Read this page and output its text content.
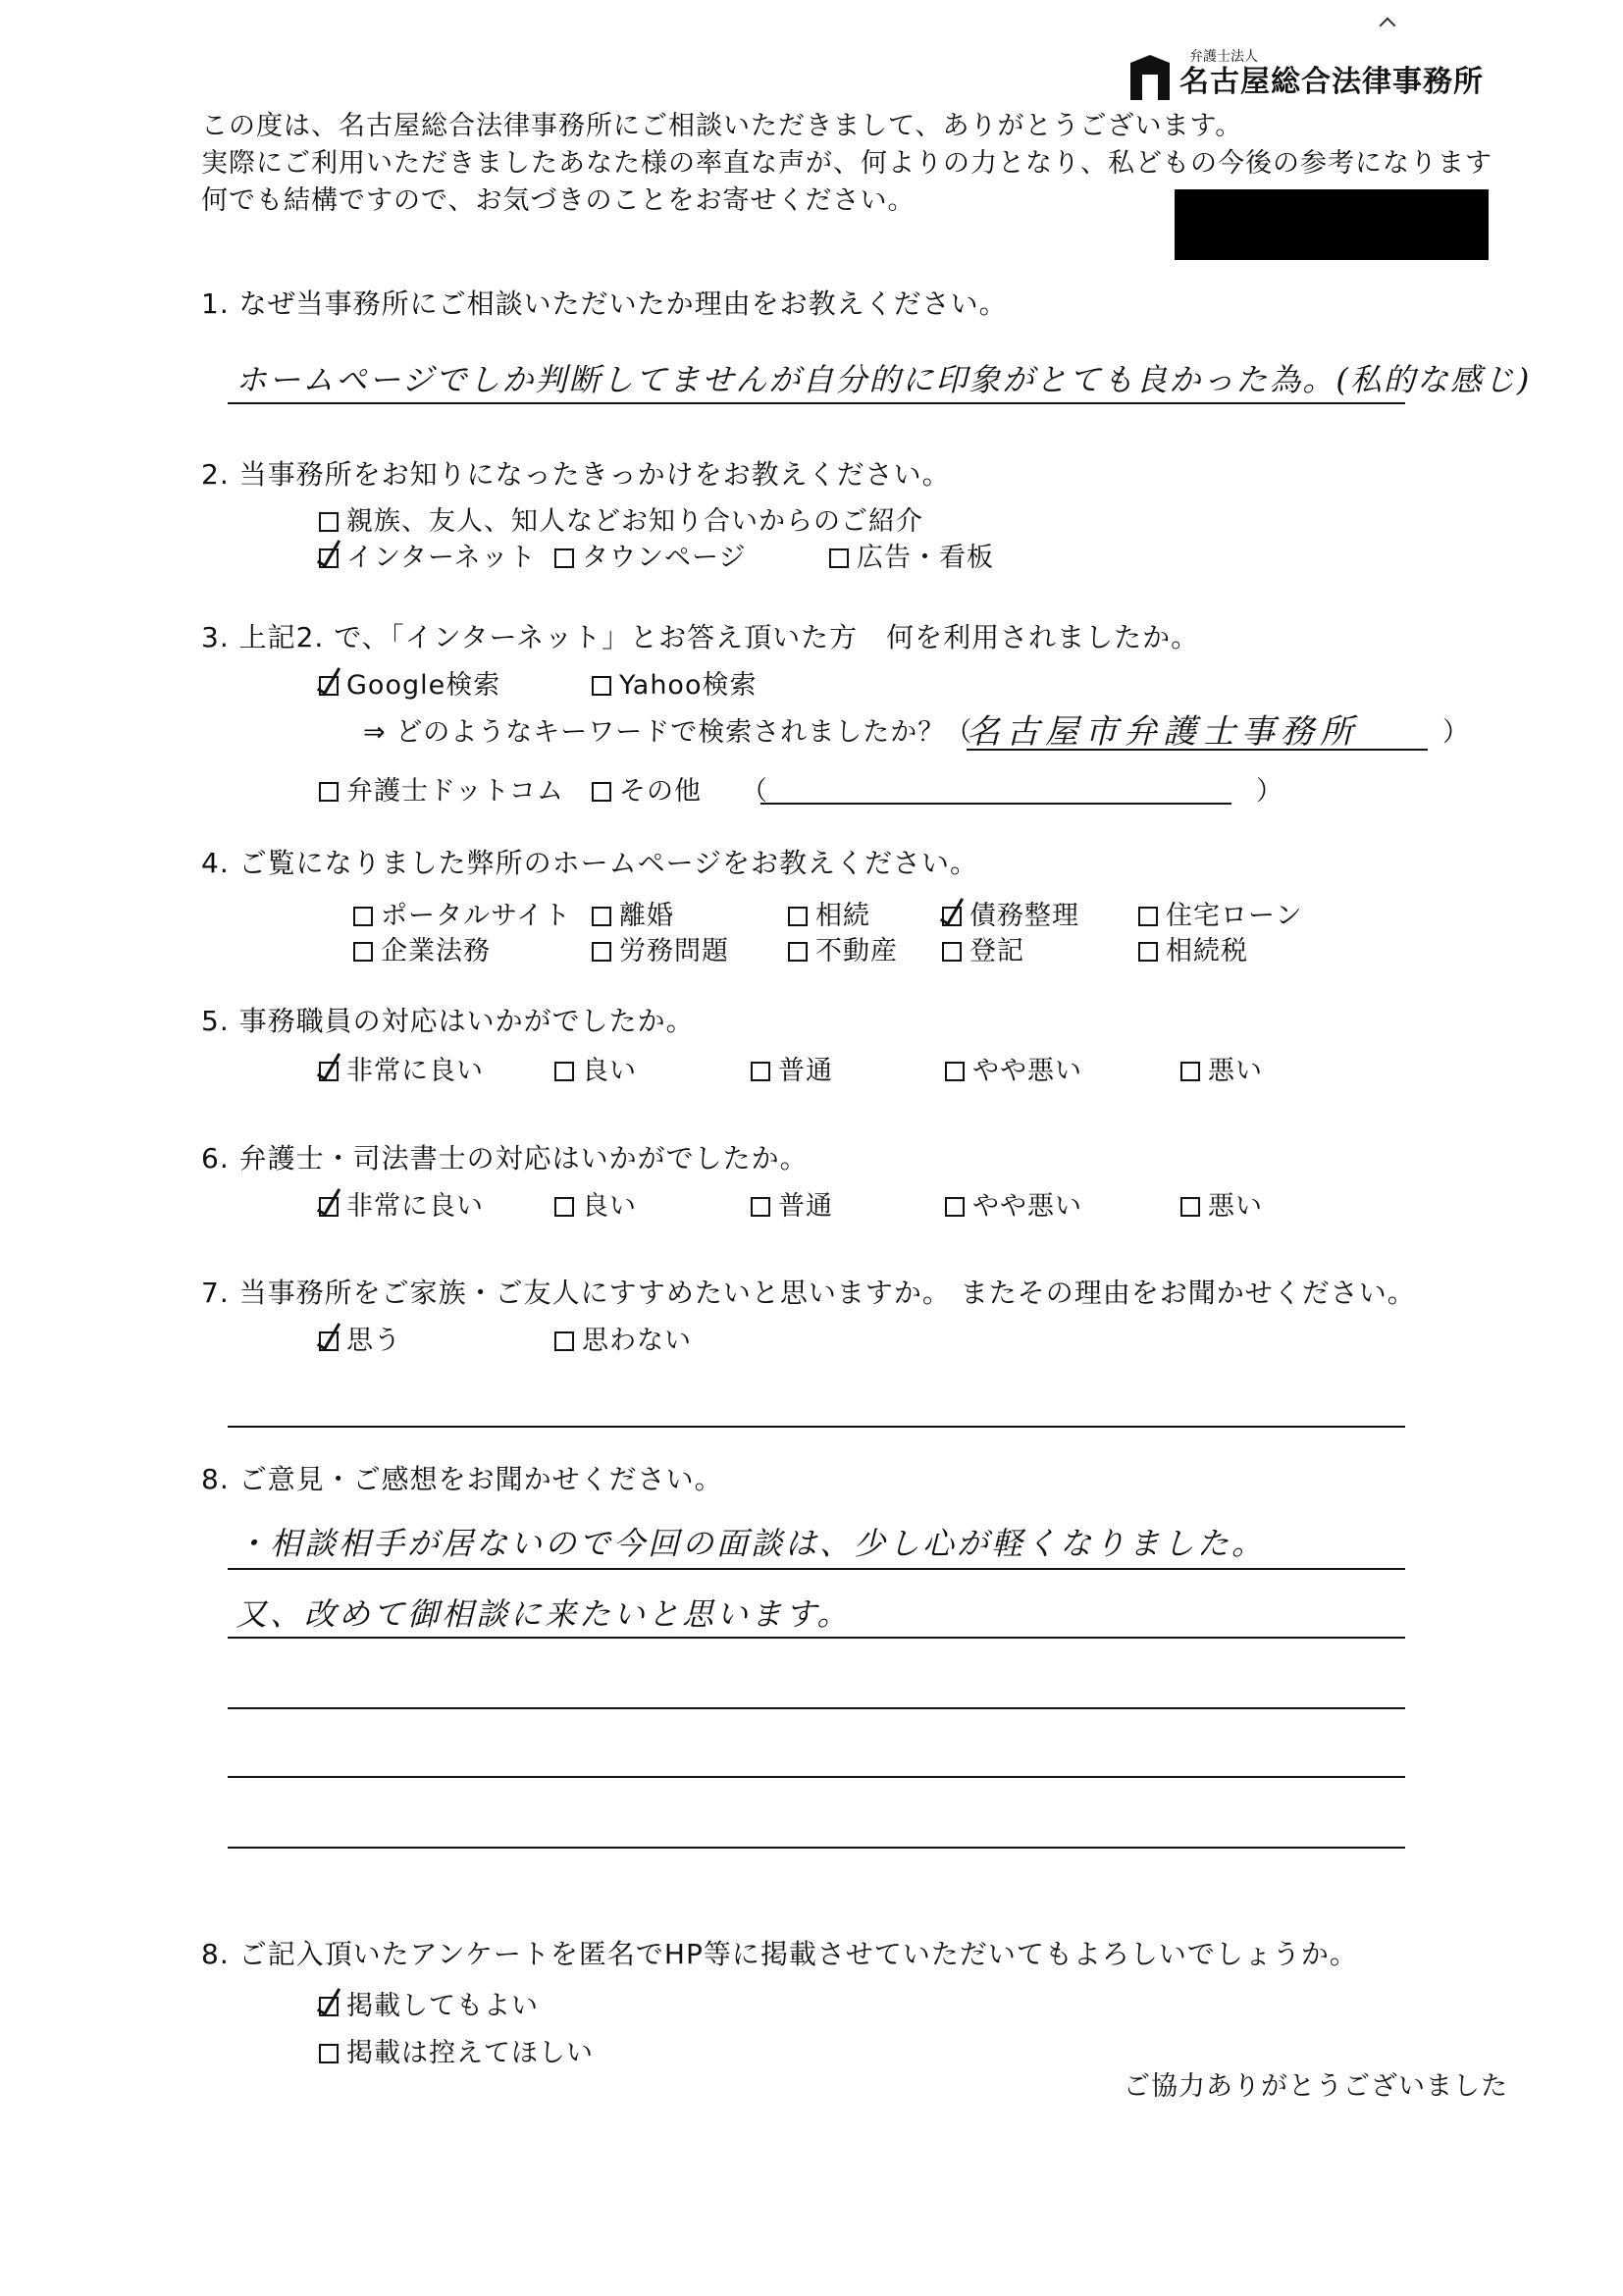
弁護士法人
名古屋総合法律事務所
この度は、名古屋総合法律事務所にご相談いただきまして、ありがとうございます。
実際にご利用いただきましたあなた様の率直な声が、何よりの力となり、私どもの今後の参考になります
何でも結構ですので、お気づきのことをお寄せください。
1. なぜ当事務所にご相談いただいたか理由をお教えください。
ホームページでしか判断してませんが自分的に印象がとても良かった為。(私的な感じ)
2. 当事務所をお知りになったきっかけをお教えください。
親族、友人、知人などお知り合いからのご紹介
インターネット タウンページ	広告・看板
3. 上記2. で、「インターネット」とお答え頂いた方　何を利用されましたか。
Google検索	Yahoo検索
⇒ どのようなキーワードで検索されましたか？（
名古屋市弁護士事務所	）
弁護士ドットコム その他 （	）
4. ご覧になりました弊所のホームページをお教えください。
ポータルサイト 離婚	相続	債務整理	住宅ローン
企業法務	労務問題	不動産	登記	相続税
5. 事務職員の対応はいかがでしたか。
非常に良い	良い	普通	やや悪い	悪い
6. 弁護士・司法書士の対応はいかがでしたか。
非常に良い	良い	普通	やや悪い	悪い
7. 当事務所をご家族・ご友人にすすめたいと思いますか。 またその理由をお聞かせください。
思う	思わない
8. ご意見・ご感想をお聞かせください。
・相談相手が居ないので今回の面談は、少し心が軽くなりました。
又、改めて御相談に来たいと思います。
8. ご記入頂いたアンケートを匿名でHP等に掲載させていただいてもよろしいでしょうか。
掲載してもよい
掲載は控えてほしい
ご協力ありがとうございました
